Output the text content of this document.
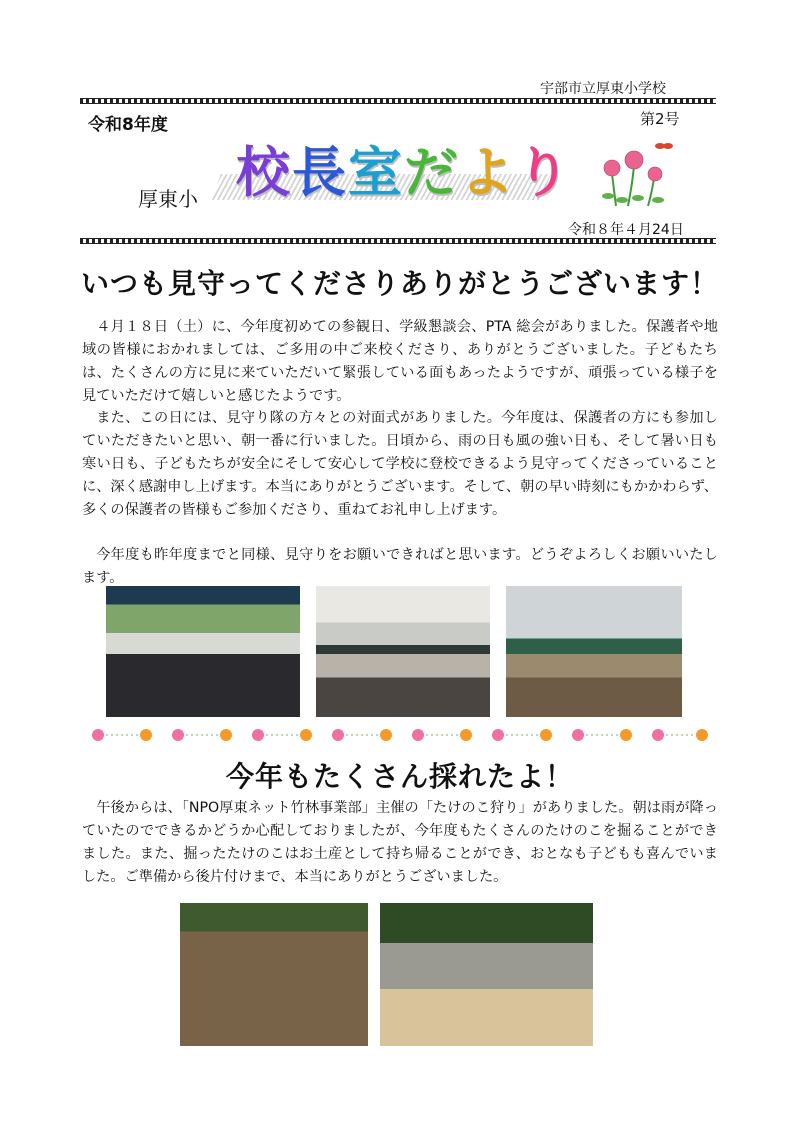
宇部市立厚東小学校
令和8年度	第2号
厚東小 校長室だより
令和８年４月24日
いつも見守ってくださりありがとうございます！

４月１８日（土）に、今年度初めての参観日、学級懇談会、PTA 総会がありました。保護者や地域の皆様におかれましては、ご多用の中ご来校くださり、ありがとうございました。子どもたちは、たくさんの方に見に来ていただいて緊張している面もあったようですが、頑張っている様子を見ていただけて嬉しいと感じたようです。

また、この日には、見守り隊の方々との対面式がありました。今年度は、保護者の方にも参加していただきたいと思い、朝一番に行いました。日頃から、雨の日も風の強い日も、そして暑い日も寒い日も、子どもたちが安全にそして安心して学校に登校できるよう見守ってくださっていることに、深く感謝申し上げます。本当にありがとうございます。そして、朝の早い時刻にもかかわらず、多くの保護者の皆様もご参加くださり、重ねてお礼申し上げます。

今年度も昨年度までと同様、見守りをお願いできればと思います。どうぞよろしくお願いいたします。

今年もたくさん採れたよ！

午後からは、「NPO厚東ネット竹林事業部」主催の「たけのこ狩り」がありました。朝は雨が降っていたのでできるかどうか心配しておりましたが、今年度もたくさんのたけのこを掘ることができました。また、掘ったたけのこはお土産として持ち帰ることができ、おとなも子どもも喜んでいました。ご準備から後片付けまで、本当にありがとうございました。
